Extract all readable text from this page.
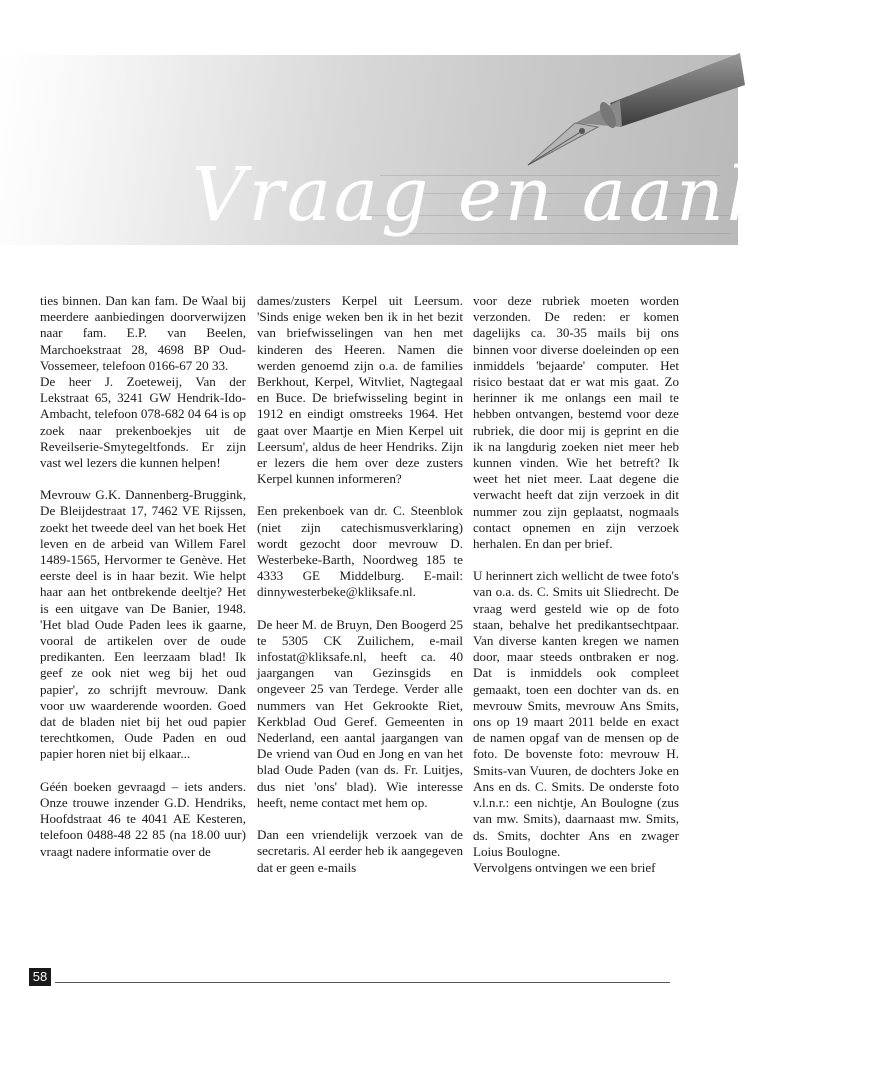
Vraag en aanbod

ties binnen. Dan kan fam. De Waal bij meerdere aanbiedingen doorverwijzen naar fam. E.P. van Beelen, Marchoekstraat 28, 4698 BP Oud-Vossemeer, telefoon 0166-67 20 33.

De heer J. Zoeteweij, Van der Lekstraat 65, 3241 GW Hendrik-Ido-Ambacht, telefoon 078-682 04 64 is op zoek naar prekenboekjes uit de Reveilserie-Smytegeltfonds. Er zijn vast wel lezers die kunnen helpen!

Mevrouw G.K. Dannenberg-Bruggink, De Bleijdestraat 17, 7462 VE Rijssen, zoekt het tweede deel van het boek Het leven en de arbeid van Willem Farel 1489-1565, Hervormer te Genève. Het eerste deel is in haar bezit. Wie helpt haar aan het ontbrekende deeltje? Het is een uitgave van De Banier, 1948. 'Het blad Oude Paden lees ik gaarne, vooral de artikelen over de oude predikanten. Een leerzaam blad! Ik geef ze ook niet weg bij het oud papier', zo schrijft mevrouw. Dank voor uw waarderende woorden. Goed dat de bladen niet bij het oud papier terechtkomen, Oude Paden en oud papier horen niet bij elkaar...

Géén boeken gevraagd – iets anders. Onze trouwe inzender G.D. Hendriks, Hoofdstraat 46 te 4041 AE Kesteren, telefoon 0488-48 22 85 (na 18.00 uur) vraagt nadere informatie over de

dames/zusters Kerpel uit Leersum. 'Sinds enige weken ben ik in het bezit van briefwisselingen van hen met kinderen des Heeren. Namen die werden genoemd zijn o.a. de families Berkhout, Kerpel, Witvliet, Nagtegaal en Buce. De briefwisseling begint in 1912 en eindigt omstreeks 1964. Het gaat over Maartje en Mien Kerpel uit Leersum', aldus de heer Hendriks. Zijn er lezers die hem over deze zusters Kerpel kunnen informeren?

Een prekenboek van dr. C. Steenblok (niet zijn catechismusverklaring) wordt gezocht door mevrouw D. Westerbeke-Barth, Noordweg 185 te 4333 GE Middelburg. E-mail: dinnywesterbeke@kliksafe.nl.

De heer M. de Bruyn, Den Boogerd 25 te 5305 CK Zuilichem, e-mail infostat@kliksafe.nl, heeft ca. 40 jaargangen van Gezinsgids en ongeveer 25 van Terdege. Verder alle nummers van Het Gekrookte Riet, Kerkblad Oud Geref. Gemeenten in Nederland, een aantal jaargangen van De vriend van Oud en Jong en van het blad Oude Paden (van ds. Fr. Luitjes, dus niet 'ons' blad). Wie interesse heeft, neme contact met hem op.

Dan een vriendelijk verzoek van de secretaris. Al eerder heb ik aangegeven dat er geen e-mails

voor deze rubriek moeten worden verzonden. De reden: er komen dagelijks ca. 30-35 mails bij ons binnen voor diverse doeleinden op een inmiddels 'bejaarde' computer. Het risico bestaat dat er wat mis gaat. Zo herinner ik me onlangs een mail te hebben ontvangen, bestemd voor deze rubriek, die door mij is geprint en die ik na langdurig zoeken niet meer heb kunnen vinden. Wie het betreft? Ik weet het niet meer. Laat degene die verwacht heeft dat zijn verzoek in dit nummer zou zijn geplaatst, nogmaals contact opnemen en zijn verzoek herhalen. En dan per brief.

U herinnert zich wellicht de twee foto's van o.a. ds. C. Smits uit Sliedrecht. De vraag werd gesteld wie op de foto staan, behalve het predikantsechtpaar. Van diverse kanten kregen we namen door, maar steeds ontbraken er nog. Dat is inmiddels ook compleet gemaakt, toen een dochter van ds. en mevrouw Smits, mevrouw Ans Smits, ons op 19 maart 2011 belde en exact de namen opgaf van de mensen op de foto. De bovenste foto: mevrouw H. Smits-van Vuuren, de dochters Joke en Ans en ds. C. Smits. De onderste foto v.l.n.r.: een nichtje, An Boulogne (zus van mw. Smits), daarnaast mw. Smits, ds. Smits, dochter Ans en zwager Loius Boulogne.

Vervolgens ontvingen we een brief

58
